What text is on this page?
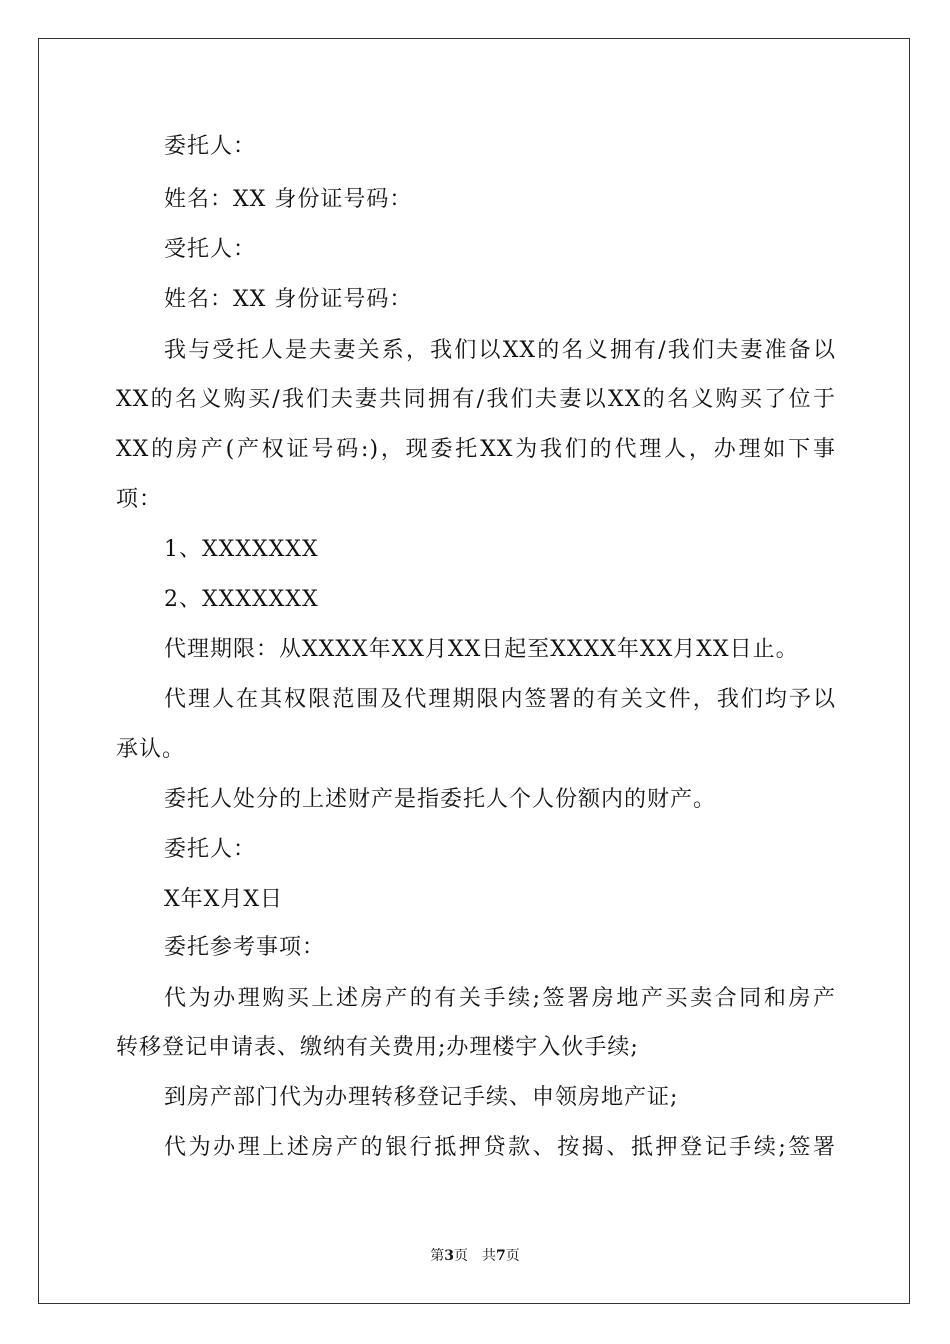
委托人：
姓名：XX 身份证号码：
受托人：
姓名：XX 身份证号码：
我与受托人是夫妻关系，我们以XX的名义拥有/我们夫妻准备以
XX的名义购买/我们夫妻共同拥有/我们夫妻以XX的名义购买了位于
XX的房产(产权证号码:)，现委托XX为我们的代理人，办理如下事
项：
1、XXXXXXX
2、XXXXXXX
代理期限：从XXXX年XX月XX日起至XXXX年XX月XX日止。
代理人在其权限范围及代理期限内签署的有关文件，我们均予以
承认。
委托人处分的上述财产是指委托人个人份额内的财产。
委托人：
X年X月X日
委托参考事项：
代为办理购买上述房产的有关手续;签署房地产买卖合同和房产
转移登记申请表、缴纳有关费用;办理楼宇入伙手续;
到房产部门代为办理转移登记手续、申领房地产证;
代为办理上述房产的银行抵押贷款、按揭、抵押登记手续;签署
第3页　共7页
